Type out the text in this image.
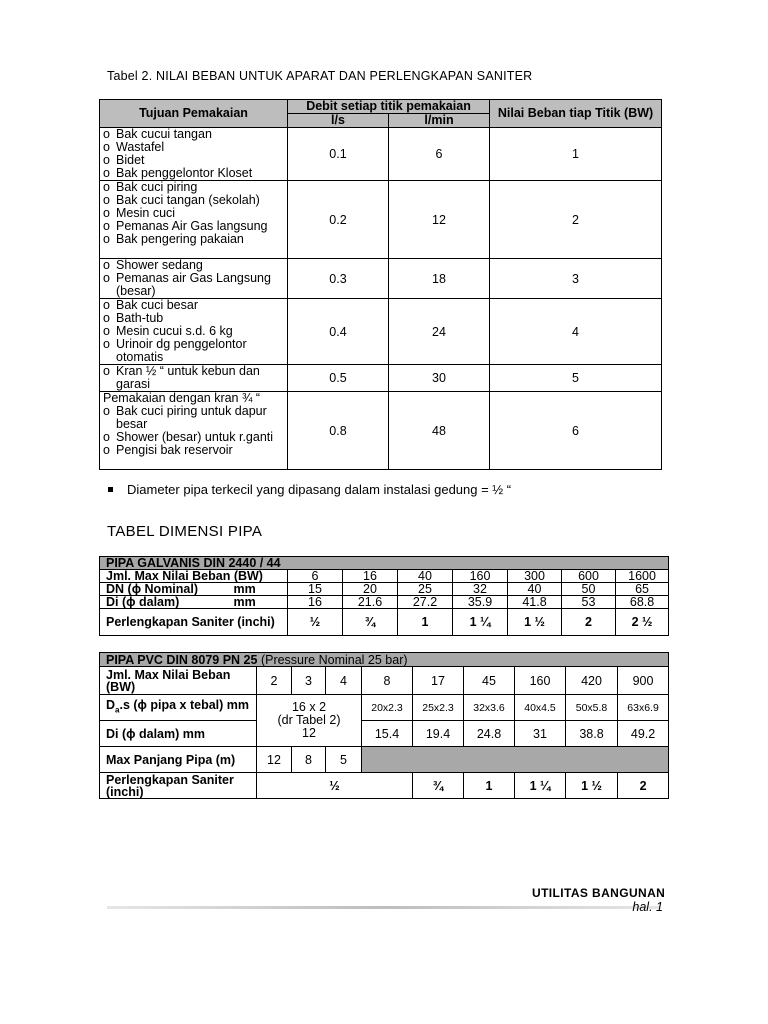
Tabel 2. NILAI BEBAN UNTUK APARAT DAN PERLENGKAPAN SANITER
Tujuan Pemakaian	Debit setiap titik pemakaian		Nilai Beban tiap Titik (BW)
	l/s	l/min	

o Bak cucui tangan
o Wastafel
o Bidet
o Bak penggelontor Kloset	0.1	6	1

o Bak cuci piring
o Bak cuci tangan (sekolah)
o Mesin cuci
o Pemanas Air Gas langsung
o Bak pengering pakaian	0.2	12	2

o Shower sedang
o Pemanas air Gas Langsung (besar)	0.3	18	3

o Bak cuci besar
o Bath-tub
o Mesin cucui s.d. 6 kg
o Urinoir dg penggelontor otomatis	0.4	24	4

o Kran ½ “ untuk kebun dan garasi	0.5	30	5

Pemakaian dengan kran ¾ “
o Bak cuci piring untuk dapur besar
o Shower (besar) untuk r.ganti
o Pengisi bak reservoir	0.8	48	6
Diameter pipa terkecil yang dipasang dalam instalasi gedung = ½ “
TABEL DIMENSI PIPA
PIPA GALVANIS DIN 2440 / 44							
Jml. Max Nilai Beban (BW)	6	16	40	160	300	600	1600
DN (ϕ Nominal) mm	15	20	25	32	40	50	65
Di (ϕ dalam) mm	16	21.6	27.2	35.9	41.8	53	68.8
Perlengkapan Saniter (inchi)	½	¾	1	1 ¼	1 ½	2	2 ½
PIPA PVC DIN 8079 PN 25 (Pressure Nominal 25 bar)									
Jml. Max Nilai Beban (BW)	2	3	4	8	17	45	160	420	900
$D_a.s$ (ϕ pipa x tebal) mm	16 x 2
(dr Tabel 2)
12			20x2.3	25x2.3	32x3.6	40x4.5	50x5.8	63x6.9
Di (ϕ dalam) mm				15.4	19.4	24.8	31	38.8	49.2
Max Panjang Pipa (m)	12	8	5						
Perlengkapan Saniter (inchi)	½				¾	1	1 ¼	1 ½	2
UTILITAS BANGUNAN
hal. 1
